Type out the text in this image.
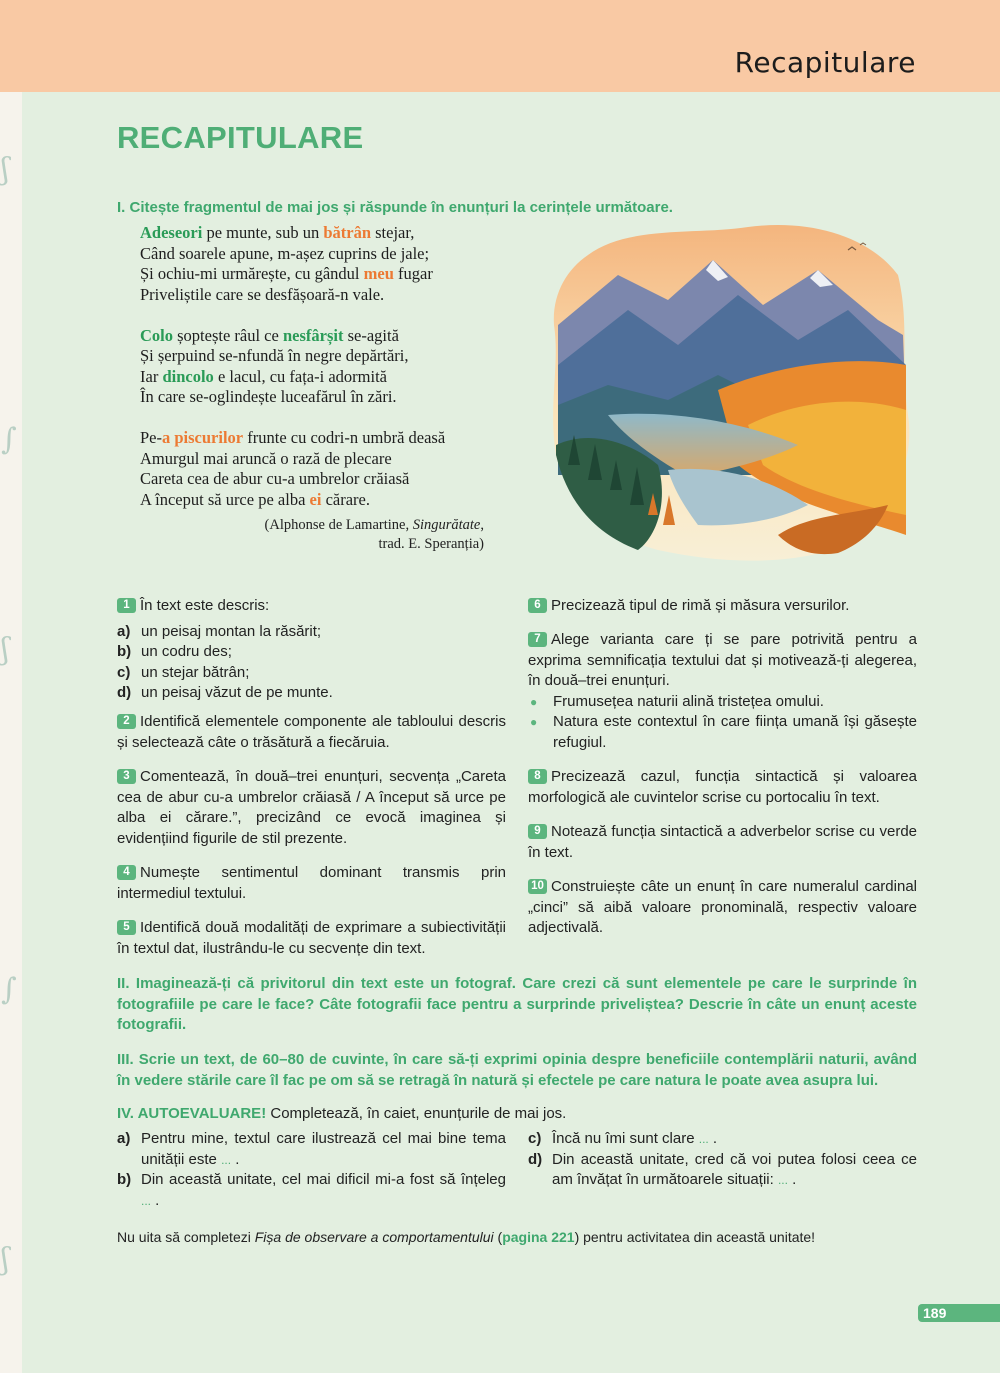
Recapitulare
ʃ
∫
ʃ
∫
ʃ
RECAPITULARE
I. Citește fragmentul de mai jos și răspunde în enunțuri la cerințele următoare.
Adeseori pe munte, sub un bătrân stejar,
Când soarele apune, m-așez cuprins de jale;
Și ochiu-mi urmărește, cu gândul meu fugar
Priveliștile care se desfășoară-n vale.
Colo șoptește râul ce nesfârșit se-agită
Și șerpuind se-nfundă în negre depărtări,
Iar dincolo e lacul, cu fața-i adormită
În care se-oglindește luceafărul în zări.
Pe-a piscurilor frunte cu codri-n umbră deasă
Amurgul mai aruncă o rază de plecare
Careta cea de abur cu-a umbrelor crăiasă
A început să urce pe alba ei cărare.
(Alphonse de Lamartine, Singurătate,
trad. E. Speranția)
1 În text este descris:
a) un peisaj montan la răsărit;
b) un codru des;
c) un stejar bătrân;
d) un peisaj văzut de pe munte.
2 Identifică elementele componente ale tabloului descris și selectează câte o trăsătură a fiecăruia.
3 Comentează, în două–trei enunțuri, secvența „Careta cea de abur cu-a umbrelor crăiasă / A început să urce pe alba ei cărare.”, precizând ce evocă imaginea și evidențiind figurile de stil prezente.
4 Numește sentimentul dominant transmis prin intermediul textului.
5 Identifică două modalități de exprimare a subiectivității în textul dat, ilustrându-le cu secvențe din text.
6 Precizează tipul de rimă și măsura versurilor.
7 Alege varianta care ți se pare potrivită pentru a exprima semnificația textului dat și motivează-ți alegerea, în două–trei enunțuri.
●	Frumusețea naturii alină tristețea omului.
●	Natura este contextul în care ființa umană își găsește refugiul.
8 Precizează cazul, funcția sintactică și valoarea morfologică ale cuvintelor scrise cu portocaliu în text.
9 Notează funcția sintactică a adverbelor scrise cu verde în text.
10 Construiește câte un enunț în care numeralul cardinal „cinci” să aibă valoare pronominală, respectiv valoare adjectivală.
II. Imaginează-ți că privitorul din text este un fotograf. Care crezi că sunt elementele pe care le surprinde în fotografiile pe care le face? Câte fotografii face pentru a surprinde priveliștea? Descrie în câte un enunț aceste fotografii.
III. Scrie un text, de 60–80 de cuvinte, în care să-ți exprimi opinia despre beneficiile contemplării naturii, având în vedere stările care îl fac pe om să se retragă în natură și efectele pe care natura le poate avea asupra lui.
IV. AUTOEVALUARE! Completează, în caiet, enunțurile de mai jos.
a) Pentru mine, textul care ilustrează cel mai bine tema unității este ... .
b) Din această unitate, cel mai dificil mi-a fost să înțeleg ... .
c) Încă nu îmi sunt clare ... .
d) Din această unitate, cred că voi putea folosi ceea ce am învățat în următoarele situații: ... .
Nu uita să completezi Fișa de observare a comportamentului (pagina 221) pentru activitatea din această unitate!
189
